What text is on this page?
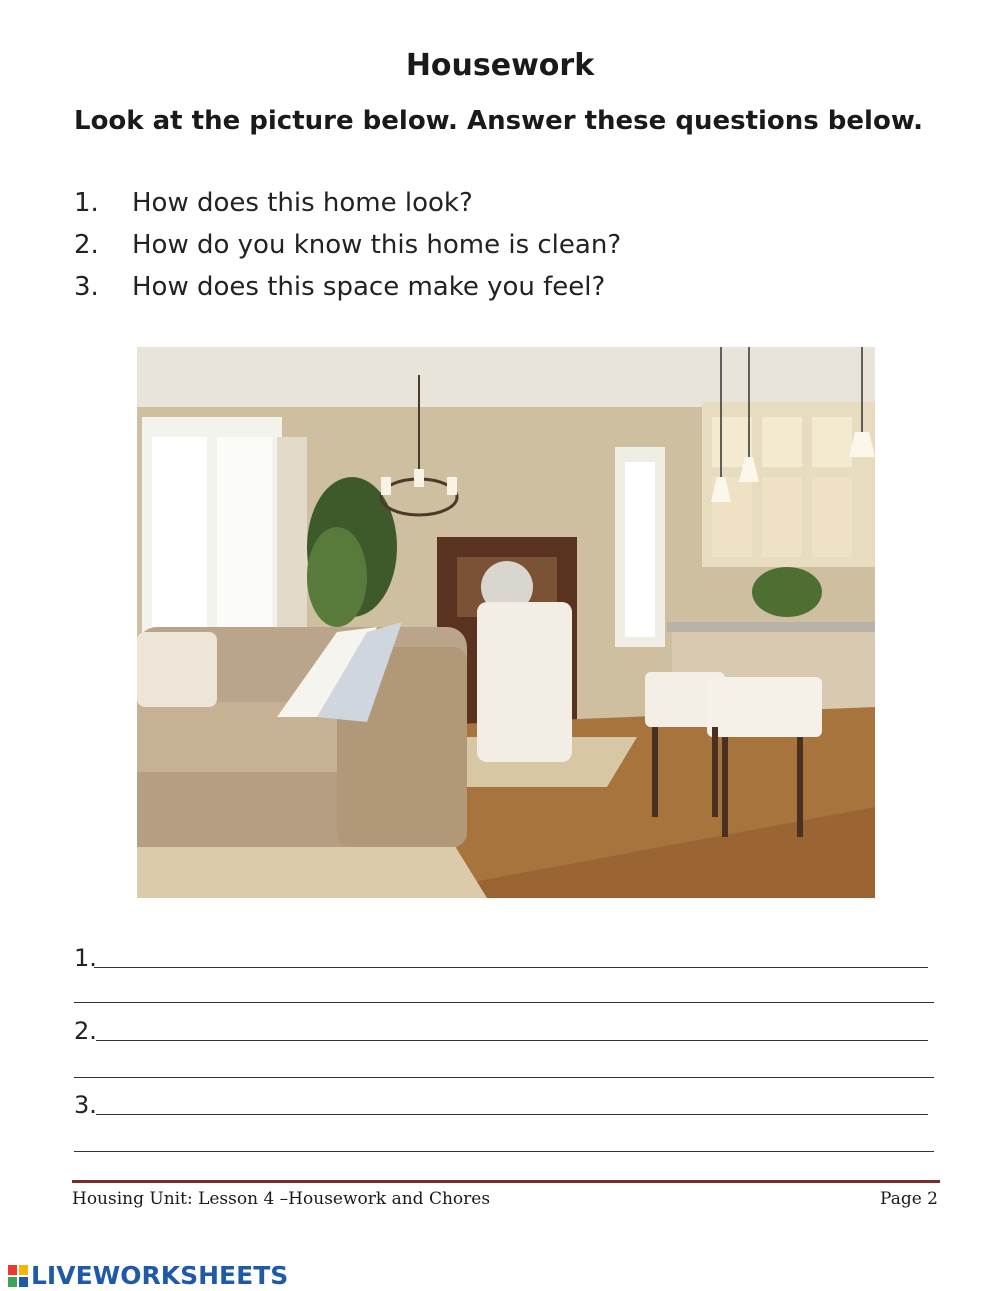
Housework
Look at the picture below. Answer these questions below.
1. How does this home look?
2. How do you know this home is clean?
3. How does this space make you feel?
1.
2.
3.
Housing Unit: Lesson 4 –Housework and Chores	Page 2
LIVEWORKSHEETS
